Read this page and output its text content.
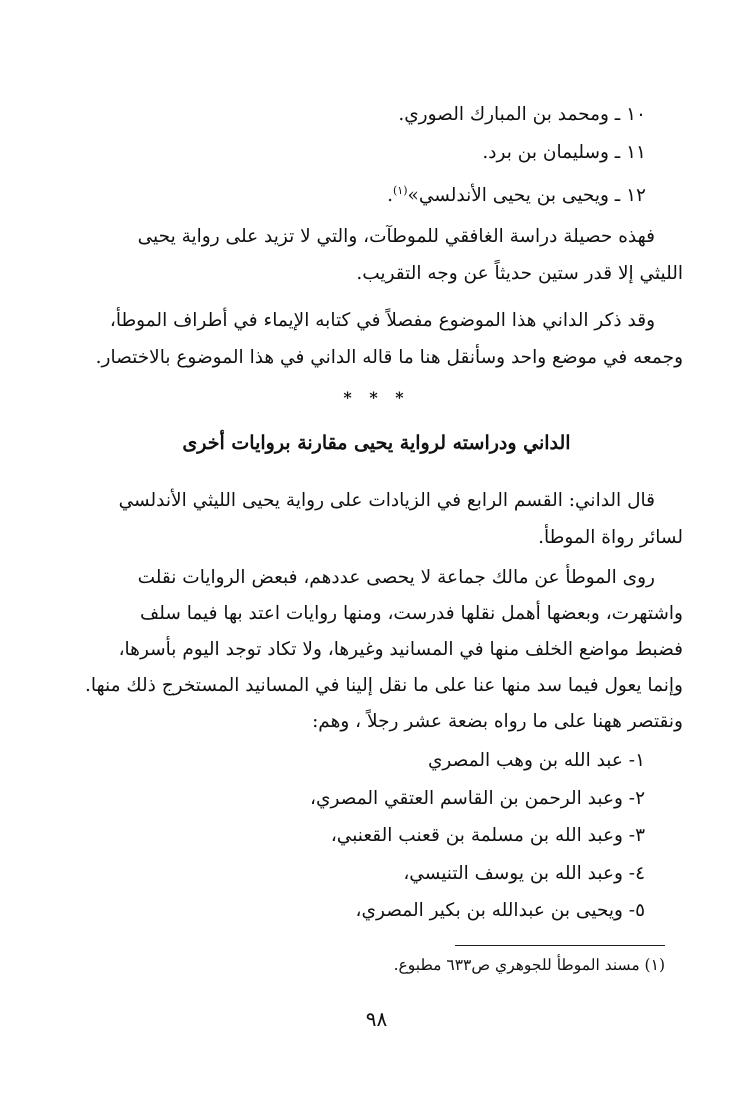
١٠ ـ ومحمد بن المبارك الصوري.
١١ ـ وسليمان بن برد.
١٢ ـ ويحيى بن يحيى الأندلسي»$^{(١)}$.

فهذه حصيلة دراسة الغافقي للموطآت، والتي لا تزيد على رواية يحيى

الليثي إلا قدر ستين حديثاً عن وجه التقريب.

وقد ذكر الداني هذا الموضوع مفصلاً في كتابه الإيماء في أطراف الموطأ،

وجمعه في موضع واحد وسأنقل هنا ما قاله الداني في هذا الموضوع بالاختصار.

* * *
الداني ودراسته لرواية يحيى مقارنة بروايات أخرى

قال الداني: القسم الرابع في الزيادات على رواية يحيى الليثي الأندلسي

لسائر رواة الموطأ.

روى الموطأ عن مالك جماعة لا يحصى عددهم، فبعض الروايات نقلت

واشتهرت، وبعضها أهمل نقلها فدرست، ومنها روايات اعتد بها فيما سلف

فضبط مواضع الخلف منها في المسانيد وغيرها، ولا تكاد توجد اليوم بأسرها،

وإنما يعول فيما سد منها عنا على ما نقل إلينا في المسانيد المستخرج ذلك منها.

ونقتصر ههنا على ما رواه بضعة عشر رجلاً ، وهم:

١- عبد الله بن وهب المصري
٢- وعبد الرحمن بن القاسم العتقي المصري،
٣- وعبد الله بن مسلمة بن قعنب القعنبي،
٤- وعبد الله بن يوسف التنيسي،
٥- ويحيى بن عبدالله بن بكير المصري،
(١) مسند الموطأ للجوهري ص٦٣٣ مطبوع.
٩٨
